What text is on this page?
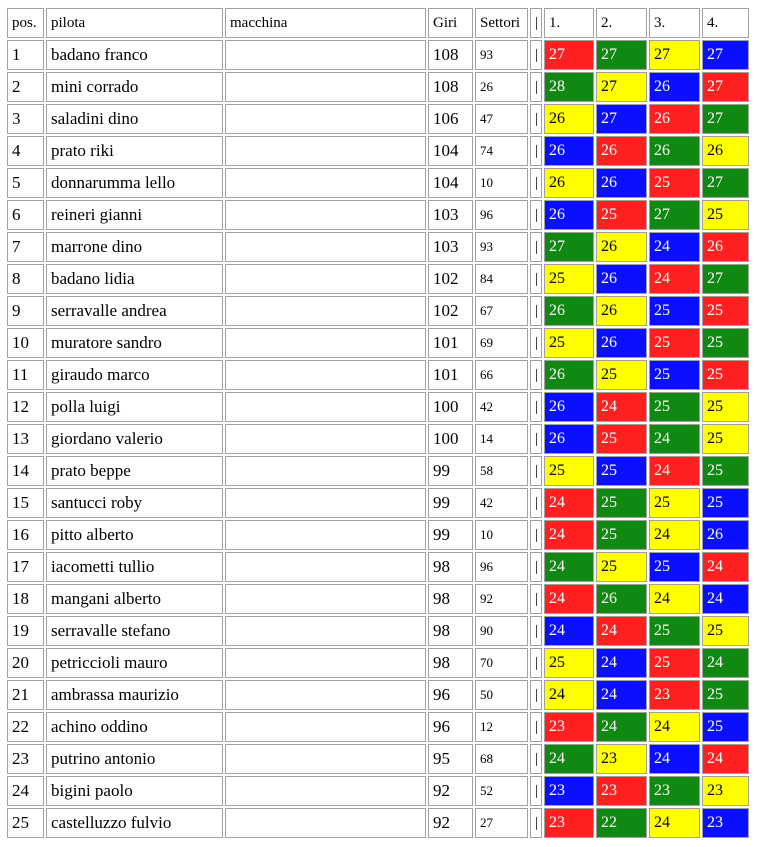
pos.	pilota	macchina	Giri	Settori	|	1.	2.	3.	4.
1	badano franco		108	93	|	27	27	27	27
2	mini corrado		108	26	|	28	27	26	27
3	saladini dino		106	47	|	26	27	26	27
4	prato riki		104	74	|	26	26	26	26
5	donnarumma lello		104	10	|	26	26	25	27
6	reineri gianni		103	96	|	26	25	27	25
7	marrone dino		103	93	|	27	26	24	26
8	badano lidia		102	84	|	25	26	24	27
9	serravalle andrea		102	67	|	26	26	25	25
10	muratore sandro		101	69	|	25	26	25	25
11	giraudo marco		101	66	|	26	25	25	25
12	polla luigi		100	42	|	26	24	25	25
13	giordano valerio		100	14	|	26	25	24	25
14	prato beppe		99	58	|	25	25	24	25
15	santucci roby		99	42	|	24	25	25	25
16	pitto alberto		99	10	|	24	25	24	26
17	iacometti tullio		98	96	|	24	25	25	24
18	mangani alberto		98	92	|	24	26	24	24
19	serravalle stefano		98	90	|	24	24	25	25
20	petriccioli mauro		98	70	|	25	24	25	24
21	ambrassa maurizio		96	50	|	24	24	23	25
22	achino oddino		96	12	|	23	24	24	25
23	putrino antonio		95	68	|	24	23	24	24
24	bigini paolo		92	52	|	23	23	23	23
25	castelluzzo fulvio		92	27	|	23	22	24	23
